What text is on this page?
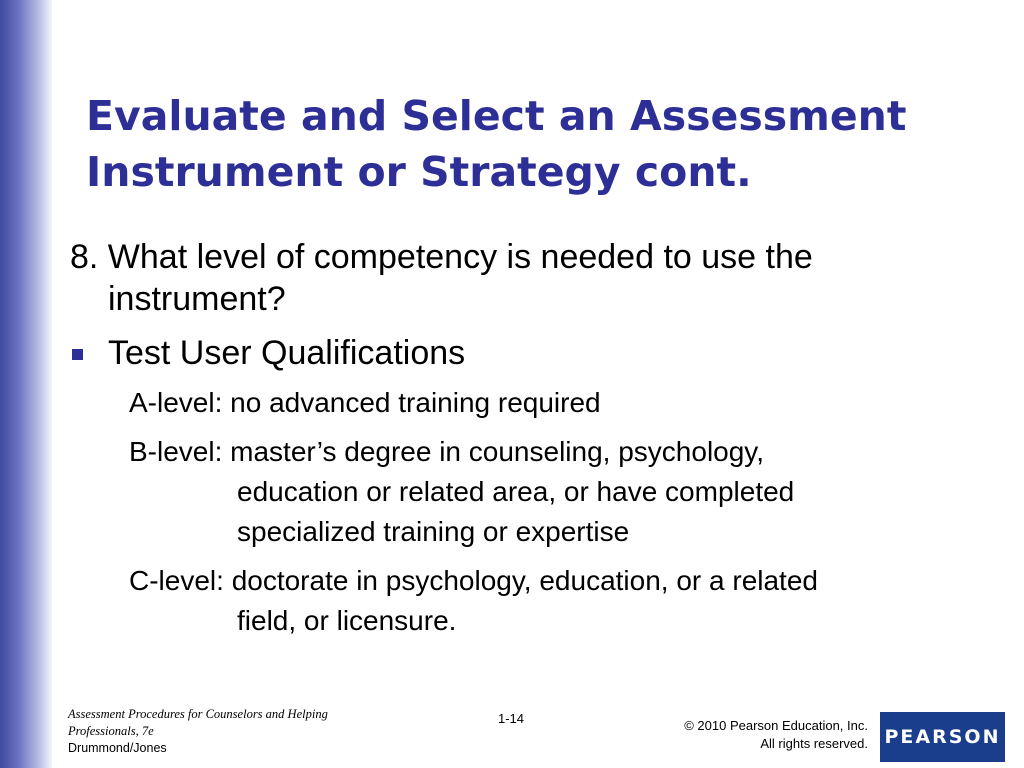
Evaluate and Select an Assessment
Instrument or Strategy cont.
8. What level of competency is needed to use the
instrument?
Test User Qualifications
A-level: no advanced training required
B-level: master’s degree in counseling, psychology,
education or related area, or have completed
specialized training or expertise
C-level: doctorate in psychology, education, or a related
field, or licensure.
Assessment Procedures for Counselors and Helping
Professionals, 7e
Drummond/Jones
1-14	© 2010 Pearson Education, Inc.
All rights reserved. PEARSON
